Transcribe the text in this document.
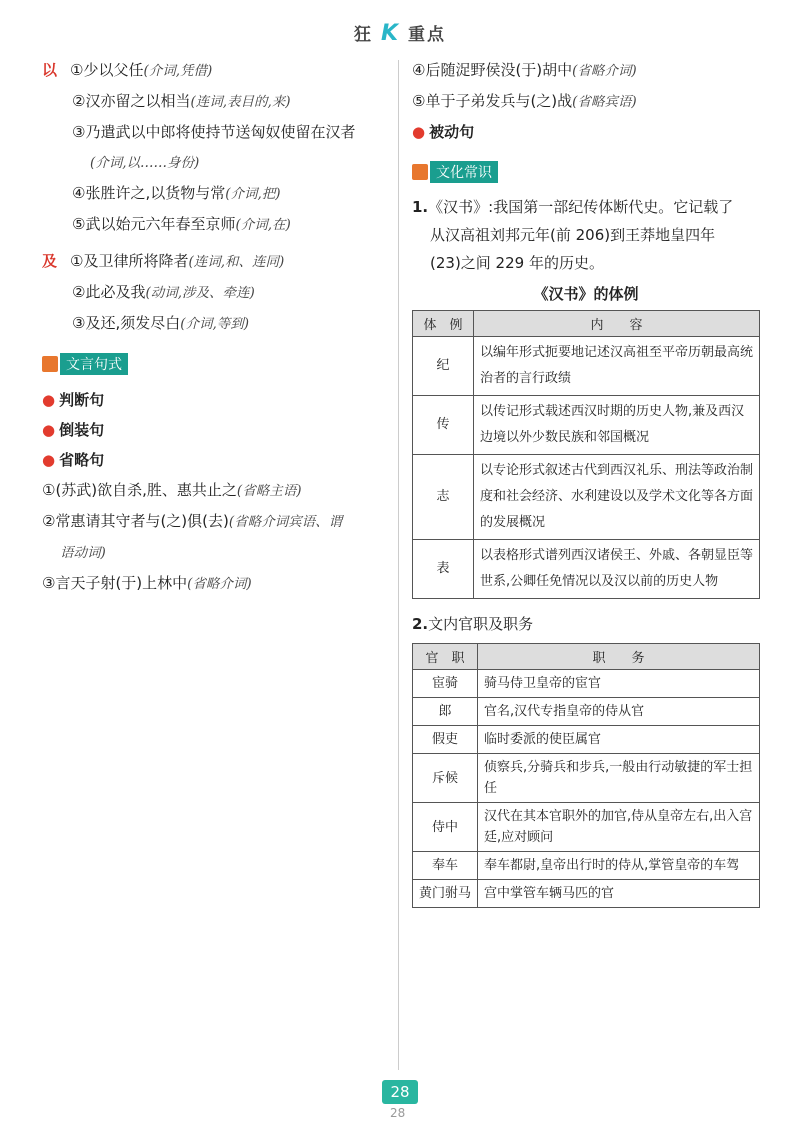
狂 K 重点
以 ①少以父任(介词,凭借)
②汉亦留之以相当(连词,表目的,来)
③乃遣武以中郎将使持节送匈奴使留在汉者
(介词,以……身份)
④张胜许之,以货物与常(介词,把)
⑤武以始元六年春至京师(介词,在)
及 ①及卫律所将降者(连词,和、连同)
②此必及我(动词,涉及、牵连)
③及还,须发尽白(介词,等到)
文言句式
● 判断句
● 倒装句
● 省略句
①(苏武)欲自杀,胜、惠共止之(省略主语)
②常惠请其守者与(之)俱(去)(省略介词宾语、谓
语动词)
③言天子射(于)上林中(省略介词)
④后随浞野侯没(于)胡中(省略介词)
⑤单于子弟发兵与(之)战(省略宾语)
● 被动句
文化常识
1.《汉书》:我国第一部纪传体断代史。它记载了
从汉高祖刘邦元年(前 206)到王莽地皇四年
(23)之间 229 年的历史。
《汉书》的体例
体　例	内　　容
纪	以编年形式扼要地记述汉高祖至平帝历朝最高统治者的言行政绩
传	以传记形式载述西汉时期的历史人物,兼及西汉边境以外少数民族和邻国概况
志	以专论形式叙述古代到西汉礼乐、刑法等政治制度和社会经济、水利建设以及学术文化等各方面的发展概况
表	以表格形式谱列西汉诸侯王、外戚、各朝显臣等世系,公卿任免情况以及汉以前的历史人物
2.文内官职及职务
官　职	职　　务
宦骑	骑马侍卫皇帝的宦官
郎	官名,汉代专指皇帝的侍从官
假吏	临时委派的使臣属官
斥候	侦察兵,分骑兵和步兵,一般由行动敏捷的军士担任
侍中	汉代在其本官职外的加官,侍从皇帝左右,出入宫廷,应对顾问
奉车	奉车都尉,皇帝出行时的侍从,掌管皇帝的车驾
黄门驸马	宫中掌管车辆马匹的官
28
28
